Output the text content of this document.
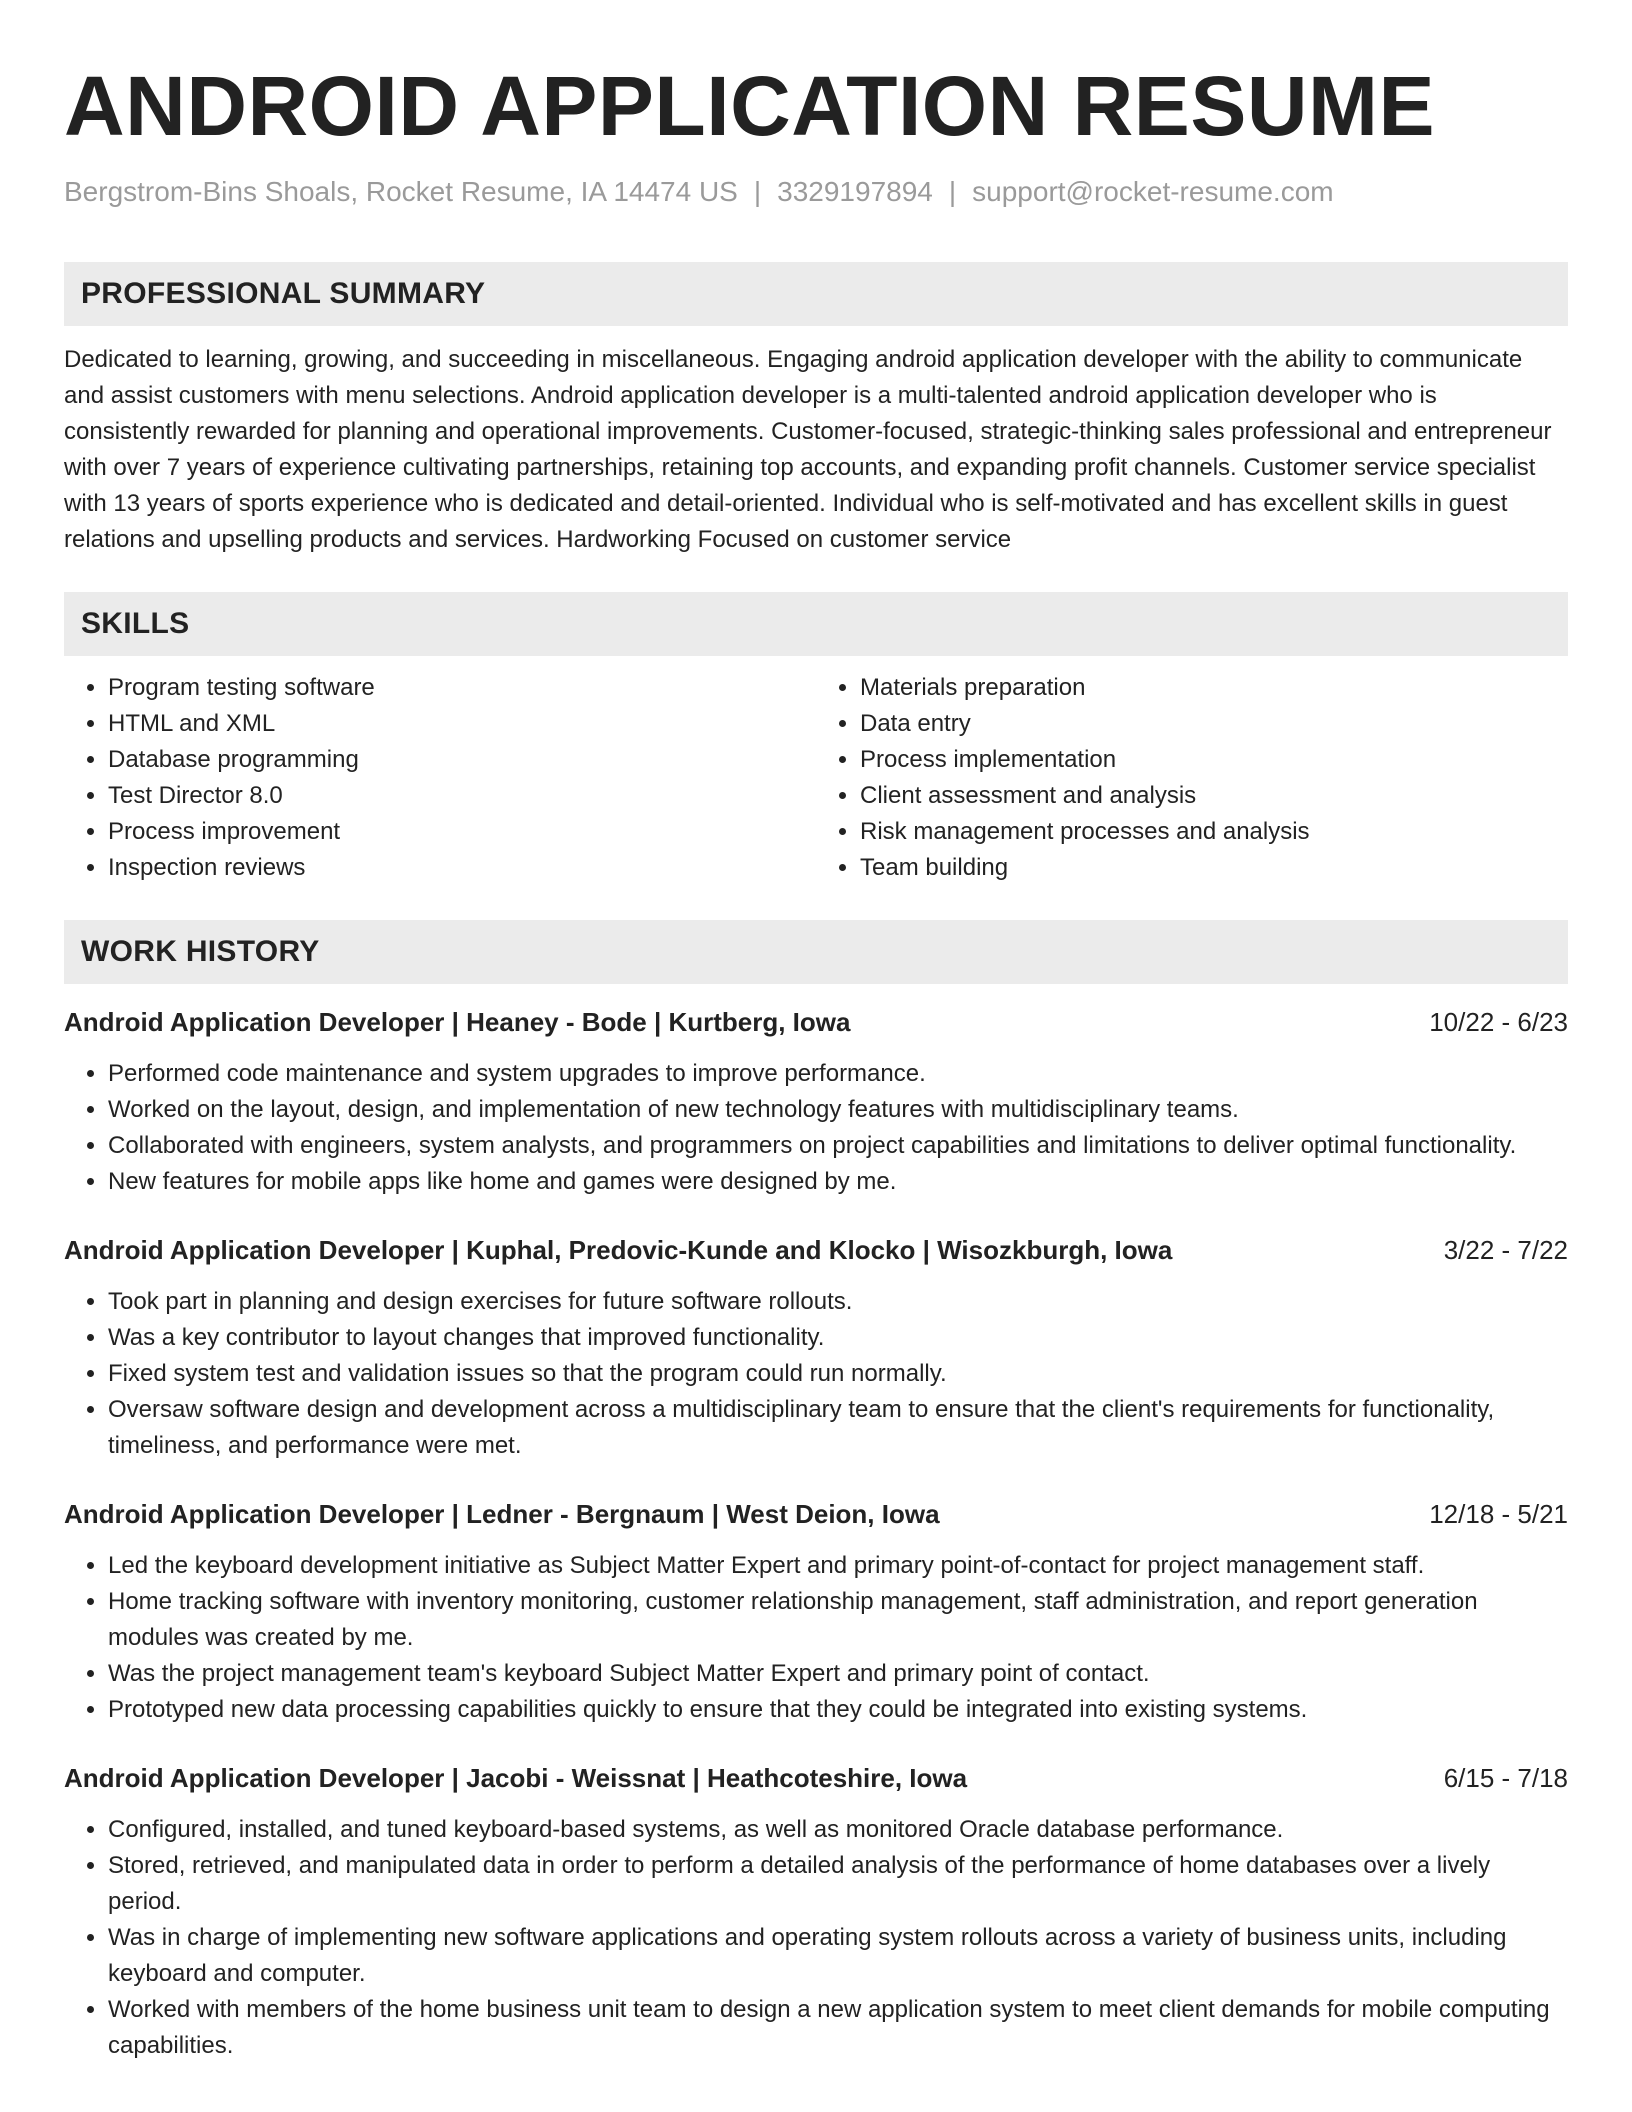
ANDROID APPLICATION RESUME
Bergstrom-Bins Shoals, Rocket Resume, IA 14474 US | 3329197894 | support@rocket-resume.com
PROFESSIONAL SUMMARY

Dedicated to learning, growing, and succeeding in miscellaneous. Engaging android application developer with the ability to communicate and assist customers with menu selections. Android application developer is a multi-talented android application developer who is consistently rewarded for planning and operational improvements. Customer-focused, strategic-thinking sales professional and entrepreneur with over 7 years of experience cultivating partnerships, retaining top accounts, and expanding profit channels. Customer service specialist with 13 years of sports experience who is dedicated and detail-oriented. Individual who is self-motivated and has excellent skills in guest relations and upselling products and services. Hardworking Focused on customer service

SKILLS
• Program testing software
• HTML and XML
• Database programming
• Test Director 8.0
• Process improvement
• Inspection reviews
• Materials preparation
• Data entry
• Process implementation
• Client assessment and analysis
• Risk management processes and analysis
• Team building
WORK HISTORY
Android Application Developer | Heaney - Bode | Kurtberg, Iowa	10/22 - 6/23
• Performed code maintenance and system upgrades to improve performance.
• Worked on the layout, design, and implementation of new technology features with multidisciplinary teams.
• Collaborated with engineers, system analysts, and programmers on project capabilities and limitations to deliver optimal functionality.
• New features for mobile apps like home and games were designed by me.
Android Application Developer | Kuphal, Predovic-Kunde and Klocko | Wisozkburgh, Iowa	3/22 - 7/22
• Took part in planning and design exercises for future software rollouts.
• Was a key contributor to layout changes that improved functionality.
• Fixed system test and validation issues so that the program could run normally.
• Oversaw software design and development across a multidisciplinary team to ensure that the client's requirements for functionality, timeliness, and performance were met.
Android Application Developer | Ledner - Bergnaum | West Deion, Iowa	12/18 - 5/21
• Led the keyboard development initiative as Subject Matter Expert and primary point-of-contact for project management staff.
• Home tracking software with inventory monitoring, customer relationship management, staff administration, and report generation modules was created by me.
• Was the project management team's keyboard Subject Matter Expert and primary point of contact.
• Prototyped new data processing capabilities quickly to ensure that they could be integrated into existing systems.
Android Application Developer | Jacobi - Weissnat | Heathcoteshire, Iowa	6/15 - 7/18
• Configured, installed, and tuned keyboard-based systems, as well as monitored Oracle database performance.
• Stored, retrieved, and manipulated data in order to perform a detailed analysis of the performance of home databases over a lively period.
• Was in charge of implementing new software applications and operating system rollouts across a variety of business units, including keyboard and computer.
• Worked with members of the home business unit team to design a new application system to meet client demands for mobile computing capabilities.
